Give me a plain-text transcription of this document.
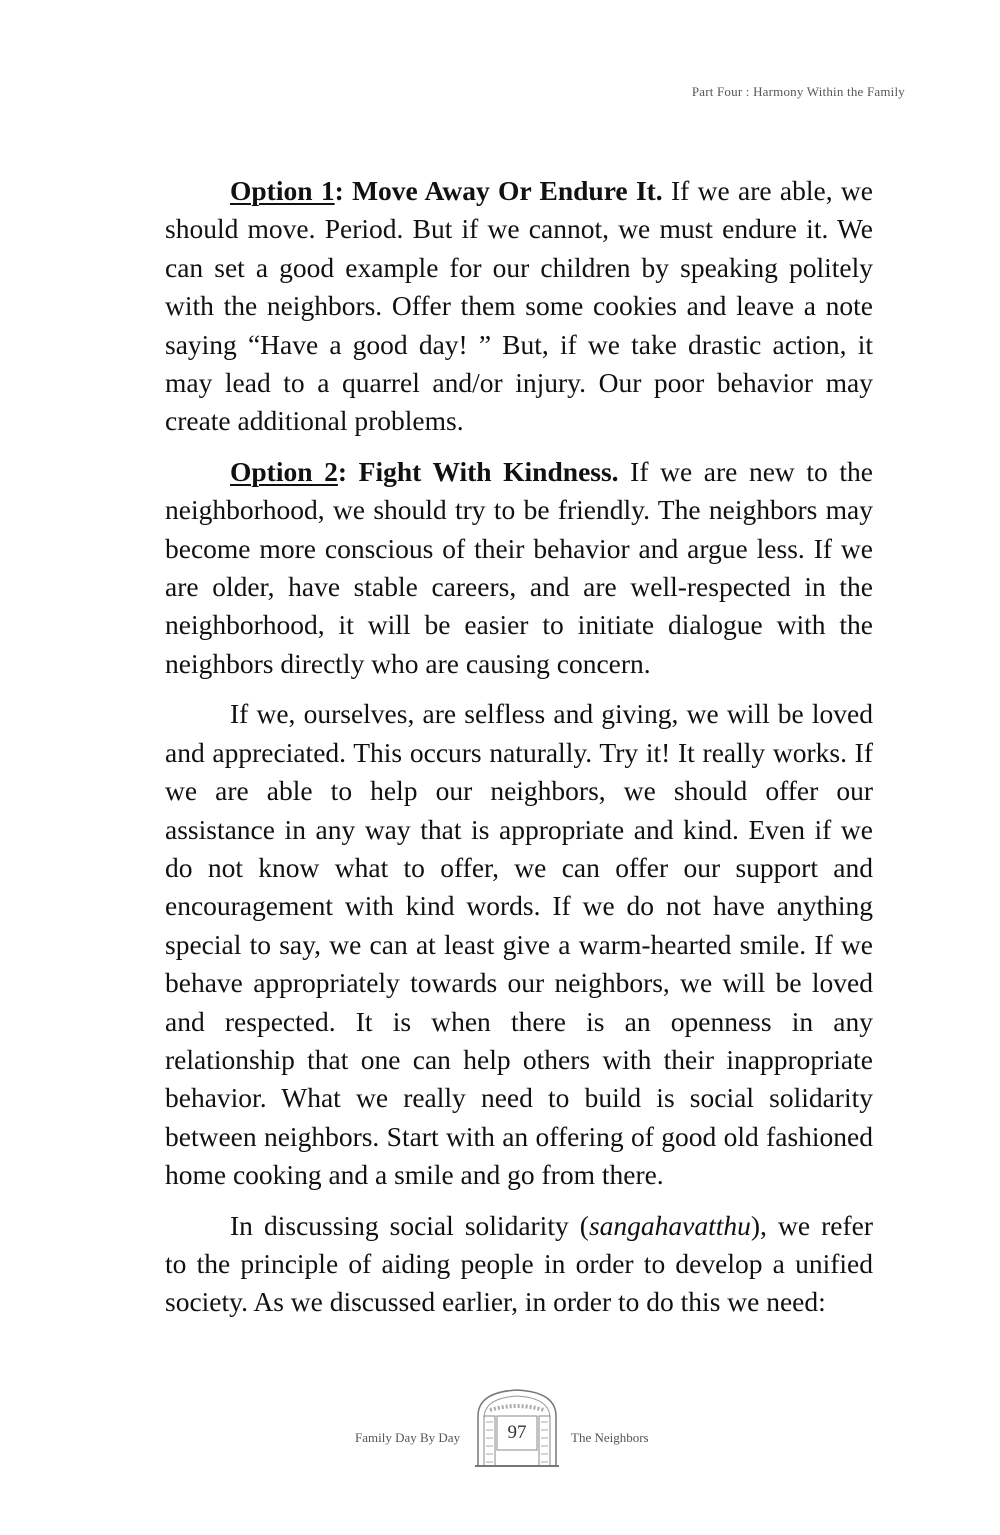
Part Four : Harmony Within the Family

Option 1: Move Away Or Endure It. If we are able, we should move. Period. But if we cannot, we must endure it. We can set a good example for our children by speaking politely with the neighbors. Offer them some cookies and leave a note saying “Have a good day! ” But, if we take drastic action, it may lead to a quarrel and/or injury. Our poor behavior may create additional problems.

Option 2: Fight With Kindness. If we are new to the neighborhood, we should try to be friendly. The neighbors may become more conscious of their behavior and argue less. If we are older, have stable careers, and are well-respected in the neighborhood, it will be easier to initiate dialogue with the neighbors directly who are causing concern.

If we, ourselves, are selfless and giving, we will be loved and appreciated. This occurs naturally. Try it! It really works. If we are able to help our neighbors, we should offer our assistance in any way that is appropriate and kind. Even if we do not know what to offer, we can offer our support and encouragement with kind words. If we do not have anything special to say, we can at least give a warm-hearted smile. If we behave appropriately towards our neighbors, we will be loved and respected. It is when there is an openness in any relationship that one can help others with their inappropriate behavior. What we really need to build is social solidarity between neighbors. Start with an offering of good old fashioned home cooking and a smile and go from there.

In discussing social solidarity (sangahavatthu), we refer to the principle of aiding people in order to develop a unified society. As we discussed earlier, in order to do this we need:

Family Day By Day	97	The Neighbors
